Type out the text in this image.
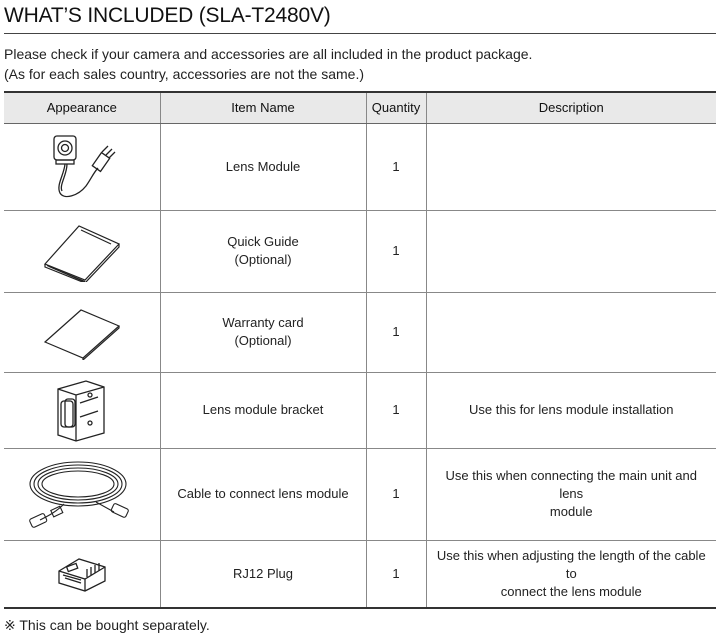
WHAT’S INCLUDED (SLA-T2480V)
Please check if your camera and accessories are all included in the product package.
(As for each sales country, accessories are not the same.)
Appearance	Item Name	Quantity	Description

Lens Module	1	

Quick Guide
(Optional)	1	

Warranty card
(Optional)	1	

Lens module bracket	1	Use this for lens module installation

Cable to connect lens module	1	Use this when connecting the main unit and lens
module

RJ12 Plug	1	Use this when adjusting the length of the cable to
connect the lens module
※ This can be bought separately.
